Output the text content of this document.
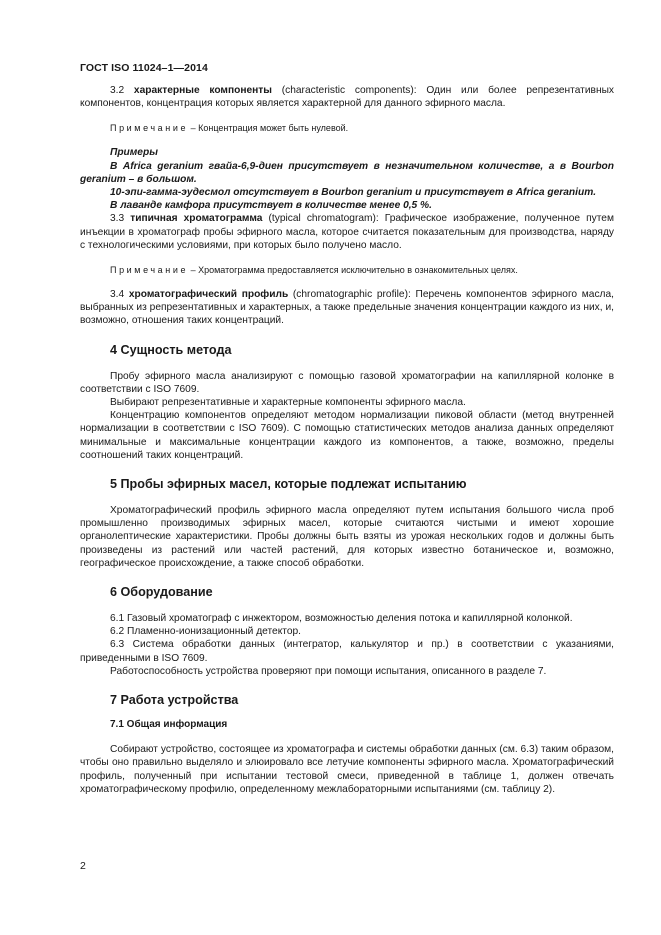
ГОСТ ISO 11024–1—2014

3.2 характерные компоненты (characteristic components): Один или более репрезентативных компонентов, концентрация которых является характерной для данного эфирного масла.

Примечание – Концентрация может быть нулевой.

Примеры

В Africa geranium гвайа-6,9-диен присутствует в незначительном количестве, а в Bourbon geranium – в большом.

10-эпи-гамма-эудесмол отсутствует в Bourbon geranium и присутствует в Africa geranium.

В лаванде камфора присутствует в количестве менее 0,5 %.

3.3 типичная хроматограмма (typical chromatogram): Графическое изображение, полученное путем инъекции в хроматограф пробы эфирного масла, которое считается показательным для производства, наряду с технологическими условиями, при которых было получено масло.

Примечание – Хроматограмма предоставляется исключительно в ознакомительных целях.

3.4 хроматографический профиль (chromatographic profile): Перечень компонентов эфирного масла, выбранных из репрезентативных и характерных, а также предельные значения концентрации каждого из них, и, возможно, отношения таких концентраций.

4 Сущность метода

Пробу эфирного масла анализируют с помощью газовой хроматографии на капиллярной колонке в соответствии с ISO 7609.

Выбирают репрезентативные и характерные компоненты эфирного масла.

Концентрацию компонентов определяют методом нормализации пиковой области (метод внутренней нормализации в соответствии с ISO 7609). С помощью статистических методов анализа данных определяют минимальные и максимальные концентрации каждого из компонентов, а также, возможно, пределы соотношений таких концентраций.

5 Пробы эфирных масел, которые подлежат испытанию

Хроматографический профиль эфирного масла определяют путем испытания большого числа проб промышленно производимых эфирных масел, которые считаются чистыми и имеют хорошие органолептические характеристики. Пробы должны быть взяты из урожая нескольких годов и должны быть произведены из растений или частей растений, для которых известно ботаническое и, возможно, географическое происхождение, а также способ обработки.

6 Оборудование

6.1 Газовый хроматограф с инжектором, возможностью деления потока и капиллярной колонкой.

6.2 Пламенно-ионизационный детектор.

6.3 Система обработки данных (интегратор, калькулятор и пр.) в соответствии с указаниями, приведенными в ISO 7609.

Работоспособность устройства проверяют при помощи испытания, описанного в разделе 7.

7 Работа устройства
7.1 Общая информация

Собирают устройство, состоящее из хроматографа и системы обработки данных (см. 6.3) таким образом, чтобы оно правильно выделяло и элюировало все летучие компоненты эфирного масла. Хроматографический профиль, полученный при испытании тестовой смеси, приведенной в таблице 1, должен отвечать хроматографическому профилю, определенному межлабораторными испытаниями (см. таблицу 2).

2
